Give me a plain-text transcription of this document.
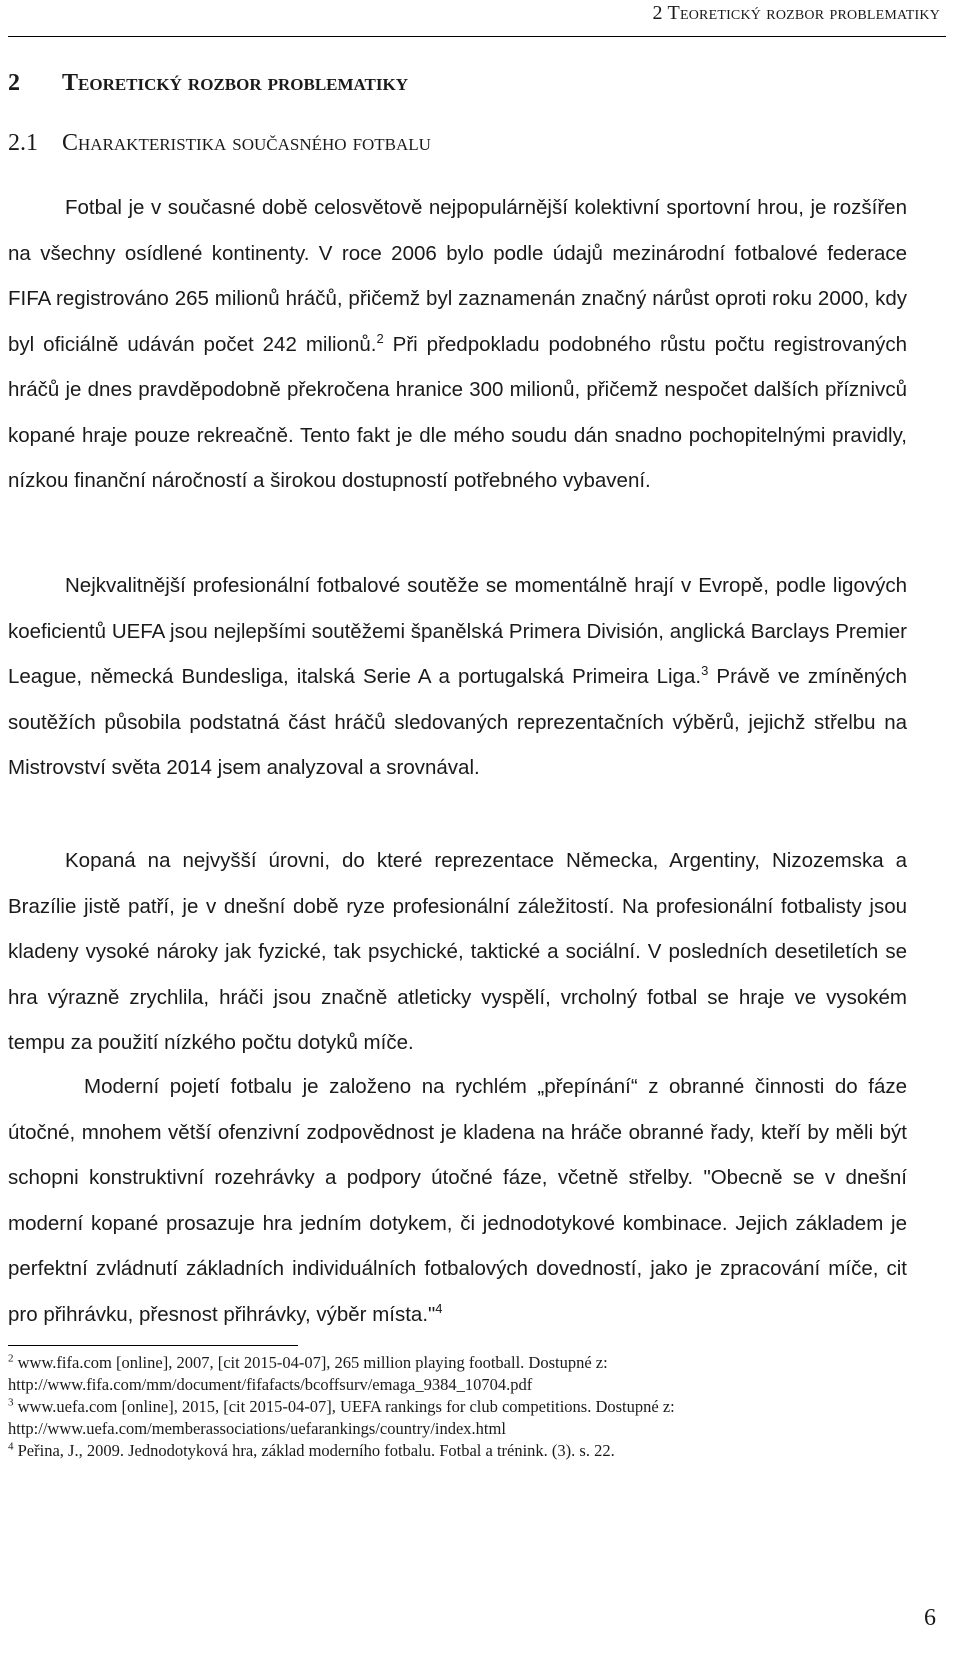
2 Teoretický rozbor problematiky
2 Teoretický rozbor problematiky
2.1 Charakteristika současného fotbalu

Fotbal je v současné době celosvětově nejpopulárnější kolektivní sportovní hrou, je rozšířen na všechny osídlené kontinenty. V roce 2006 bylo podle údajů mezinárodní fotbalové federace FIFA registrováno 265 milionů hráčů, přičemž byl zaznamenán značný nárůst oproti roku 2000, kdy byl oficiálně udáván počet 242 milionů.$^2$ Při předpokladu podobného růstu počtu registrovaných hráčů je dnes pravděpodobně překročena hranice 300 milionů, přičemž nespočet dalších příznivců kopané hraje pouze rekreačně. Tento fakt je dle mého soudu dán snadno pochopitelnými pravidly, nízkou finanční náročností a širokou dostupností potřebného vybavení.

Nejkvalitnější profesionální fotbalové soutěže se momentálně hrají v Evropě, podle ligových koeficientů UEFA jsou nejlepšími soutěžemi španělská Primera División, anglická Barclays Premier League, německá Bundesliga, italská Serie A a portugalská Primeira Liga.$^3$ Právě ve zmíněných soutěžích působila podstatná část hráčů sledovaných reprezentačních výběrů, jejichž střelbu na Mistrovství světa 2014 jsem analyzoval a srovnával.

Kopaná na nejvyšší úrovni, do které reprezentace Německa, Argentiny, Nizozemska a Brazílie jistě patří, je v dnešní době ryze profesionální záležitostí. Na profesionální fotbalisty jsou kladeny vysoké nároky jak fyzické, tak psychické, taktické a sociální. V posledních desetiletích se hra výrazně zrychlila, hráči jsou značně atleticky vyspělí, vrcholný fotbal se hraje ve vysokém tempu za použití nízkého počtu dotyků míče.

Moderní pojetí fotbalu je založeno na rychlém „přepínání“ z obranné činnosti do fáze útočné, mnohem větší ofenzivní zodpovědnost je kladena na hráče obranné řady, kteří by měli být schopni konstruktivní rozehrávky a podpory útočné fáze, včetně střelby. "Obecně se v dnešní moderní kopané prosazuje hra jedním dotykem, či jednodotykové kombinace. Jejich základem je perfektní zvládnutí základních individuálních fotbalových dovedností, jako je zpracování míče, cit pro přihrávku, přesnost přihrávky, výběr místa."$^4$

$^2$ www.fifa.com [online], 2007, [cit 2015-04-07], 265 million playing football. Dostupné z:
http://www.fifa.com/mm/document/fifafacts/bcoffsurv/emaga_9384_10704.pdf
$^3$ www.uefa.com [online], 2015, [cit 2015-04-07], UEFA rankings for club competitions. Dostupné z:
http://www.uefa.com/memberassociations/uefarankings/country/index.html
$^4$ Peřina, J., 2009. Jednodotyková hra, základ moderního fotbalu. Fotbal a trénink. (3). s. 22.
6
